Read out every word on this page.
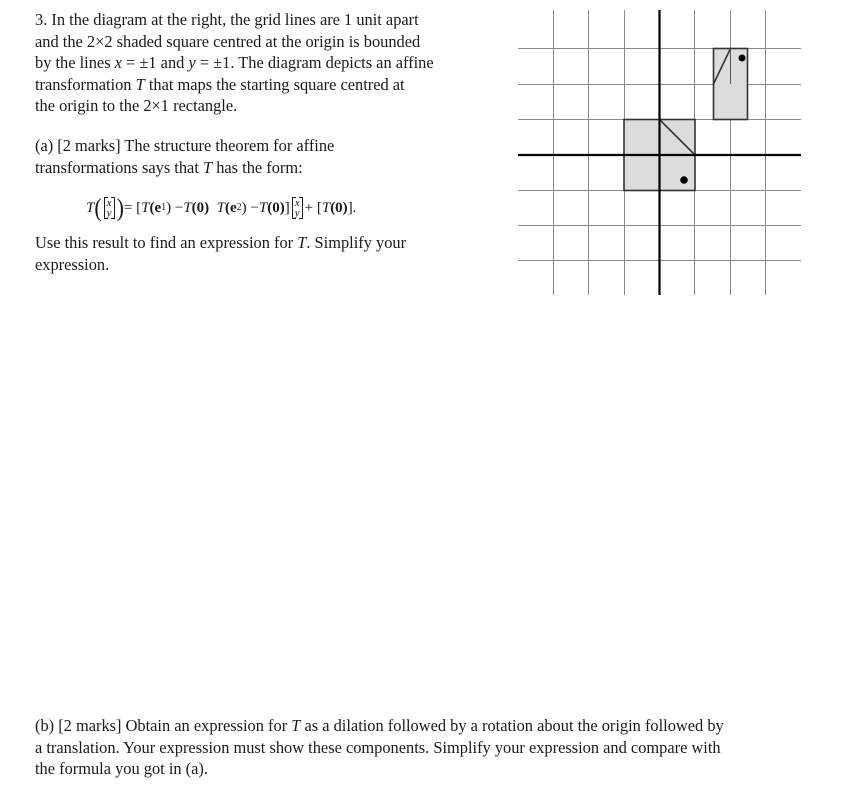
3. In the diagram at the right, the grid lines are 1 unit apart
and the 2×2 shaded square centred at the origin is bounded
by the lines x = ±1 and y = ±1. The diagram depicts an affine
transformation T that maps the starting square centred at
the origin to the 2×1 rectangle.
(a) [2 marks] The structure theorem for affine
transformations says that T has the form:
T ( x
y ) = [ T (e 1 ) − T (0)
T (e 2 ) − T (0) ] x
y + [ T (0) ].
Use this result to find an expression for T. Simplify your
expression.
(b) [2 marks] Obtain an expression for T as a dilation followed by a rotation about the origin followed by
a translation. Your expression must show these components. Simplify your expression and compare with
the formula you got in (a).
